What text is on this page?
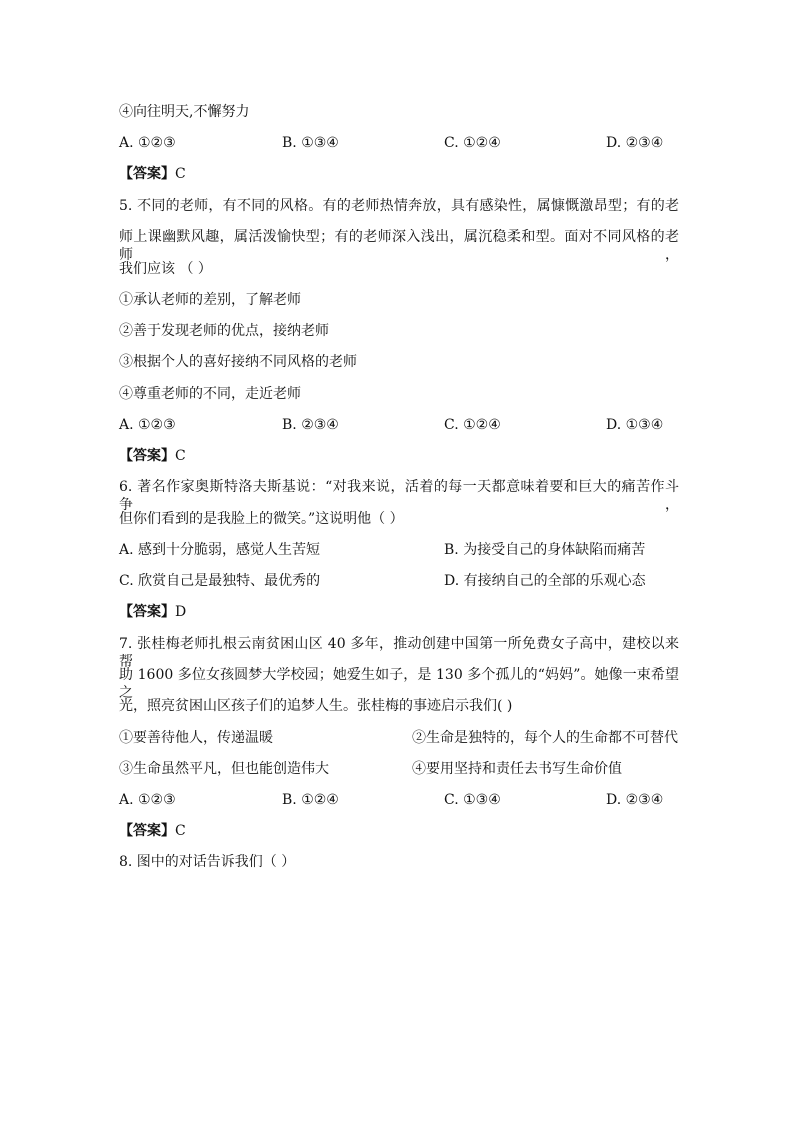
④向往明天,不懈努力
A. ①②③	B. ①③④	C. ①②④	D. ②③④
【答案】C
5. 不同的老师，有不同的风格。有的老师热情奔放，具有感染性，属慷慨激昂型；有的老
师上课幽默风趣，属活泼愉快型；有的老师深入浅出，属沉稳柔和型。面对不同风格的老师，
我们应该 （ ）
①承认老师的差别，了解老师
②善于发现老师的优点，接纳老师
③根据个人的喜好接纳不同风格的老师
④尊重老师的不同，走近老师
A. ①②③	B. ②③④	C. ①②④	D. ①③④
【答案】C
6. 著名作家奥斯特洛夫斯基说：“对我来说，活着的每一天都意味着要和巨大的痛苦作斗争，
但你们看到的是我脸上的微笑。”这说明他（ ）
A. 感到十分脆弱，感觉人生苦短	B. 为接受自己的身体缺陷而痛苦
C. 欣赏自己是最独特、最优秀的	D. 有接纳自己的全部的乐观心态
【答案】D
7. 张桂梅老师扎根云南贫困山区 40 多年，推动创建中国第一所免费女子高中，建校以来帮
助 1600 多位女孩圆梦大学校园；她爱生如子，是 130 多个孤儿的“妈妈”。她像一束希望之
光，照亮贫困山区孩子们的追梦人生。张桂梅的事迹启示我们( )
①要善待他人，传递温暖	②生命是独特的，每个人的生命都不可替代
③生命虽然平凡，但也能创造伟大	④要用坚持和责任去书写生命价值
A. ①②③	B. ①②④	C. ①③④	D. ②③④
【答案】C
8. 图中的对话告诉我们（ ）
